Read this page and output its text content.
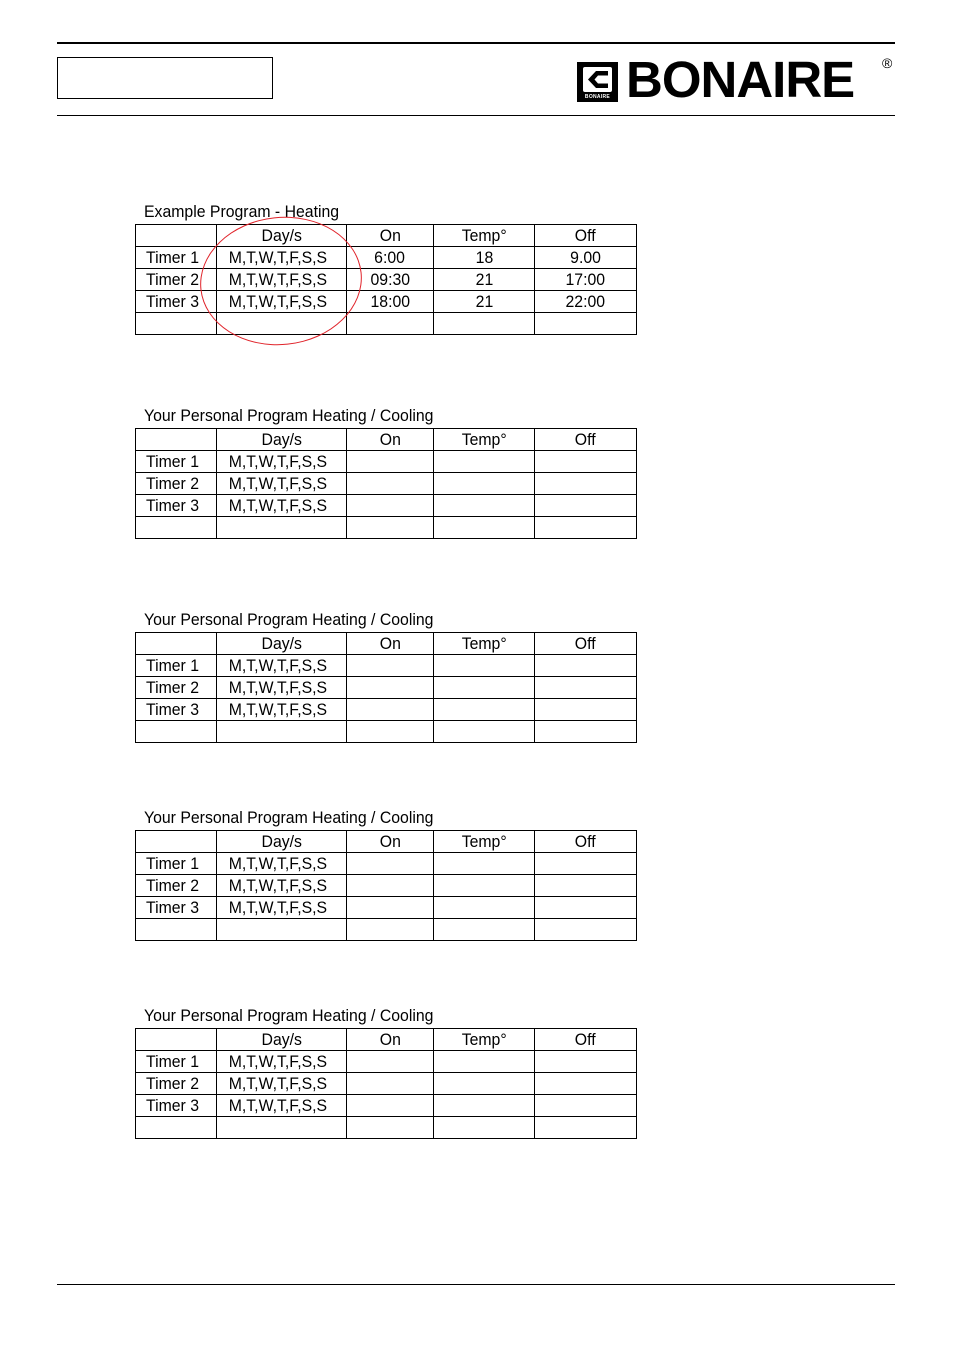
BONAIRE BONAIRE ®
Example Program - Heating
	Day/s	On	Temp°	Off
Timer 1	M,T,W,T,F,S,S	6:00	18	9.00
Timer 2	M,T,W,T,F,S,S	09:30	21	17:00
Timer 3	M,T,W,T,F,S,S	18:00	21	22:00

Your Personal Program Heating / Cooling
	Day/s	On	Temp°	Off
Timer 1	M,T,W,T,F,S,S			
Timer 2	M,T,W,T,F,S,S			
Timer 3	M,T,W,T,F,S,S			

Your Personal Program Heating / Cooling
	Day/s	On	Temp°	Off
Timer 1	M,T,W,T,F,S,S			
Timer 2	M,T,W,T,F,S,S			
Timer 3	M,T,W,T,F,S,S			

Your Personal Program Heating / Cooling
	Day/s	On	Temp°	Off
Timer 1	M,T,W,T,F,S,S			
Timer 2	M,T,W,T,F,S,S			
Timer 3	M,T,W,T,F,S,S			

Your Personal Program Heating / Cooling
	Day/s	On	Temp°	Off
Timer 1	M,T,W,T,F,S,S			
Timer 2	M,T,W,T,F,S,S			
Timer 3	M,T,W,T,F,S,S			
